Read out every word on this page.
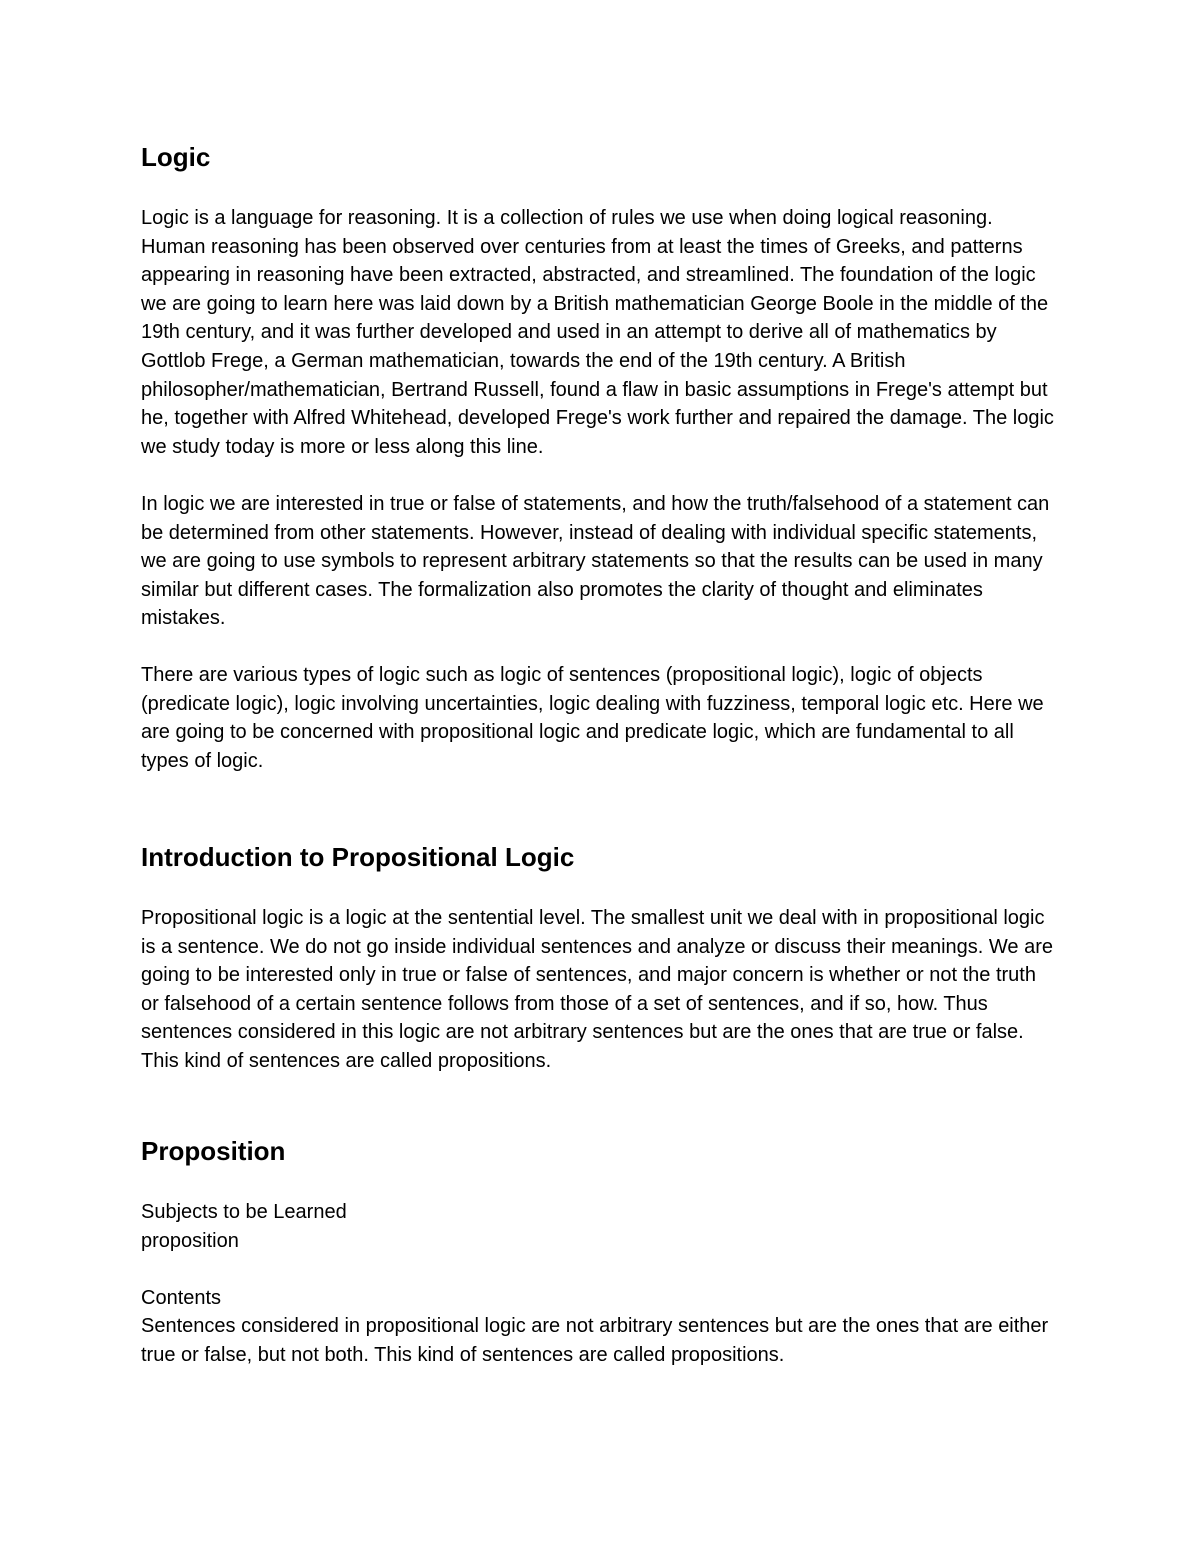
Logic

Logic is a language for reasoning. It is a collection of rules we use when doing logical reasoning. Human reasoning has been observed over centuries from at least the times of Greeks, and patterns appearing in reasoning have been extracted, abstracted, and streamlined. The foundation of the logic we are going to learn here was laid down by a British mathematician George Boole in the middle of the 19th century, and it was further developed and used in an attempt to derive all of mathematics by Gottlob Frege, a German mathematician, towards the end of the 19th century. A British philosopher/mathematician, Bertrand Russell, found a flaw in basic assumptions in Frege's attempt but he, together with Alfred Whitehead, developed Frege's work further and repaired the damage. The logic we study today is more or less along this line.

In logic we are interested in true or false of statements, and how the truth/falsehood of a statement can be determined from other statements. However, instead of dealing with individual specific statements, we are going to use symbols to represent arbitrary statements so that the results can be used in many similar but different cases. The formalization also promotes the clarity of thought and eliminates mistakes.

There are various types of logic such as logic of sentences (propositional logic), logic of objects (predicate logic), logic involving uncertainties, logic dealing with fuzziness, temporal logic etc. Here we are going to be concerned with propositional logic and predicate logic, which are fundamental to all types of logic.

Introduction to Propositional Logic

Propositional logic is a logic at the sentential level. The smallest unit we deal with in propositional logic is a sentence. We do not go inside individual sentences and analyze or discuss their meanings. We are going to be interested only in true or false of sentences, and major concern is whether or not the truth or falsehood of a certain sentence follows from those of a set of sentences, and if so, how. Thus sentences considered in this logic are not arbitrary sentences but are the ones that are true or false. This kind of sentences are called propositions.

Proposition

Subjects to be Learned

proposition

Contents

Sentences considered in propositional logic are not arbitrary sentences but are the ones that are either true or false, but not both. This kind of sentences are called propositions.
